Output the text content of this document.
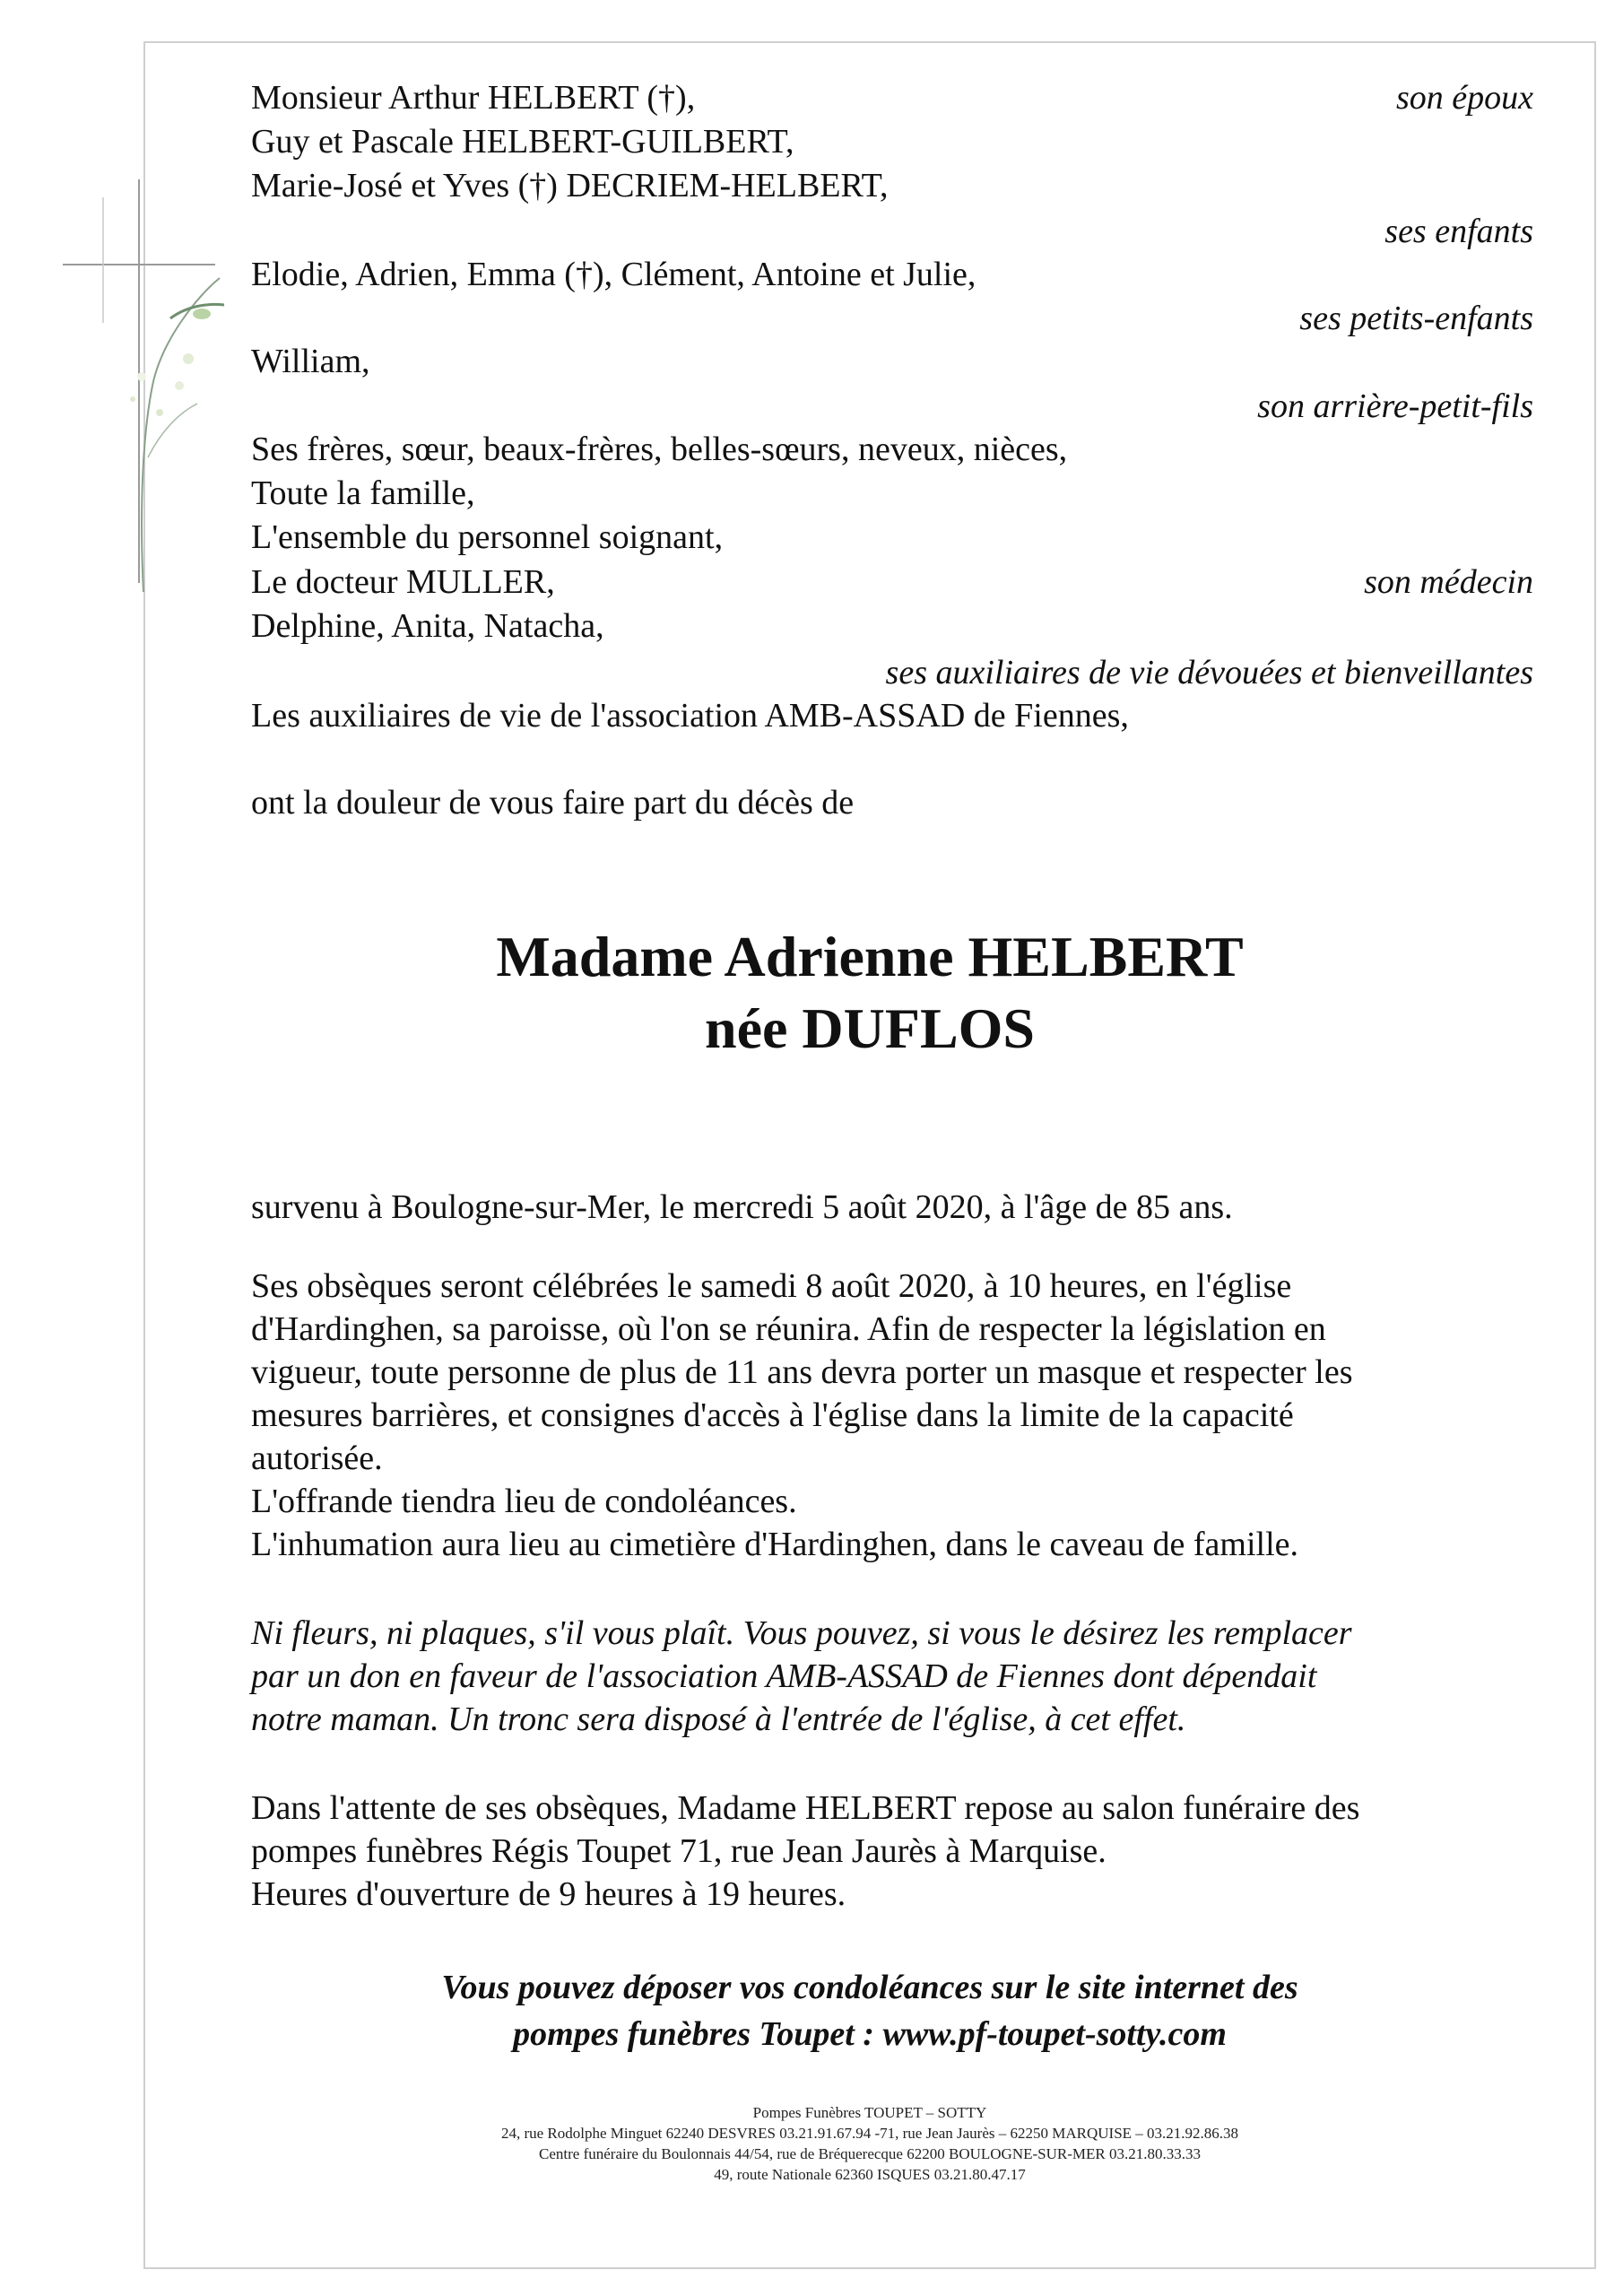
Monsieur Arthur HELBERT (†),	son époux
Guy et Pascale HELBERT-GUILBERT,
Marie-José et Yves (†) DECRIEM-HELBERT,
ses enfants
Elodie, Adrien, Emma (†), Clément, Antoine et Julie,
ses petits-enfants
William,
son arrière-petit-fils
Ses frères, sœur, beaux-frères, belles-sœurs, neveux, nièces,
Toute la famille,
L'ensemble du personnel soignant,
Le docteur MULLER,	son médecin
Delphine, Anita, Natacha,
ses auxiliaires de vie dévouées et bienveillantes
Les auxiliaires de vie de l'association AMB-ASSAD de Fiennes,
ont la douleur de vous faire part du décès de
Madame Adrienne HELBERT
née DUFLOS
survenu à Boulogne-sur-Mer, le mercredi 5 août 2020, à l'âge de 85 ans.

Ses obsèques seront célébrées le samedi 8 août 2020, à 10 heures, en l'église

d'Hardinghen, sa paroisse, où l'on se réunira. Afin de respecter la législation en

vigueur, toute personne de plus de 11 ans devra porter un masque et respecter les

mesures barrières, et consignes d'accès à l'église dans la limite de la capacité

autorisée.

L'offrande tiendra lieu de condoléances.

L'inhumation aura lieu au cimetière d'Hardinghen, dans le caveau de famille.

Ni fleurs, ni plaques, s'il vous plaît. Vous pouvez, si vous le désirez les remplacer

par un don en faveur de l'association AMB-ASSAD de Fiennes dont dépendait

notre maman. Un tronc sera disposé à l'entrée de l'église, à cet effet.

Dans l'attente de ses obsèques, Madame HELBERT repose au salon funéraire des

pompes funèbres Régis Toupet 71, rue Jean Jaurès à Marquise.

Heures d'ouverture de 9 heures à 19 heures.

Vous pouvez déposer vos condoléances sur le site internet des
pompes funèbres Toupet : www.pf-toupet-sotty.com
Pompes Funèbres TOUPET – SOTTY
24, rue Rodolphe Minguet 62240 DESVRES 03.21.91.67.94 -71, rue Jean Jaurès – 62250 MARQUISE – 03.21.92.86.38
Centre funéraire du Boulonnais 44/54, rue de Bréquerecque 62200 BOULOGNE-SUR-MER 03.21.80.33.33
49, route Nationale 62360 ISQUES 03.21.80.47.17
